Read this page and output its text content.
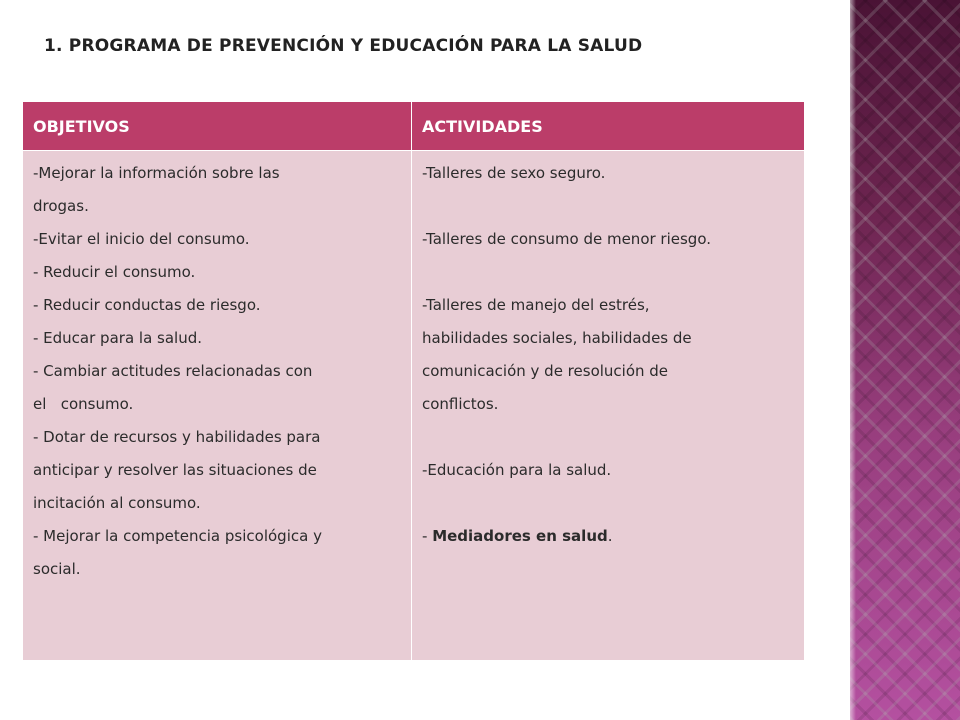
1. PROGRAMA DE PREVENCIÓN Y EDUCACIÓN PARA LA SALUD
OBJETIVOS	ACTIVIDADES
-Mejorar la información sobre las
drogas.
-Evitar el inicio del consumo.
- Reducir el consumo.
- Reducir conductas de riesgo.
- Educar para la salud.
- Cambiar actitudes relacionadas con
el   consumo.
- Dotar de recursos y habilidades para
anticipar y resolver las situaciones de
incitación al consumo.
- Mejorar la competencia psicológica y
social.
-Talleres de sexo seguro.
-Talleres de consumo de menor riesgo.
-Talleres de manejo del estrés,
habilidades sociales, habilidades de
comunicación y de resolución de
conflictos.
-Educación para la salud.
- Mediadores en salud.
